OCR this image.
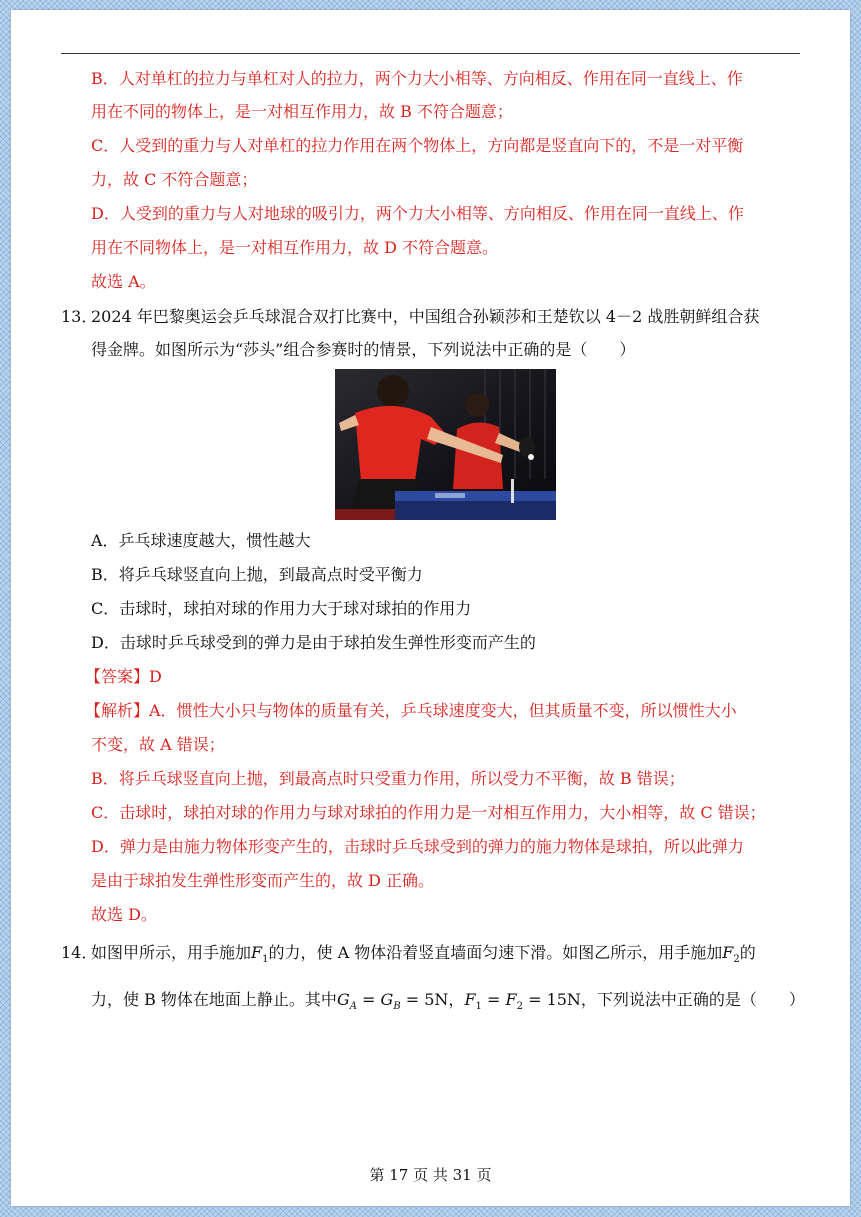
B．人对单杠的拉力与单杠对人的拉力，两个力大小相等、方向相反、作用在同一直线上、作
用在不同的物体上，是一对相互作用力，故 B 不符合题意；
C．人受到的重力与人对单杠的拉力作用在两个物体上，方向都是竖直向下的，不是一对平衡
力，故 C 不符合题意；
D．人受到的重力与人对地球的吸引力，两个力大小相等、方向相反、作用在同一直线上、作
用在不同物体上，是一对相互作用力，故 D 不符合题意。
故选 A。
13．
2024 年巴黎奥运会乒乓球混合双打比赛中，中国组合孙颖莎和王楚钦以 4－2 战胜朝鲜组合获
得金牌。如图所示为“莎头”组合参赛时的情景，下列说法中正确的是（　　）
A．乒乓球速度越大，惯性越大
B．将乒乓球竖直向上抛，到最高点时受平衡力
C．击球时，球拍对球的作用力大于球对球拍的作用力
D．击球时乒乓球受到的弹力是由于球拍发生弹性形变而产生的
【答案】D
【解析】A．惯性大小只与物体的质量有关，乒乓球速度变大，但其质量不变，所以惯性大小
不变，故 A 错误；
B．将乒乓球竖直向上抛，到最高点时只受重力作用，所以受力不平衡，故 B 错误；
C．击球时，球拍对球的作用力与球对球拍的作用力是一对相互作用力，大小相等，故 C 错误；
D．弹力是由施力物体形变产生的，击球时乒乓球受到的弹力的施力物体是球拍，所以此弹力
是由于球拍发生弹性形变而产生的，故 D 正确。
故选 D。
14．
如图甲所示，用手施加$F_1$的力，使 A 物体沿着竖直墙面匀速下滑。如图乙所示，用手施加$F_2$的
力，使 B 物体在地面上静止。其中$G_A = G_B = 5N$，$F_1 = F_2 = 15N$，下列说法中正确的是（　　）
第 17 页 共 31 页
